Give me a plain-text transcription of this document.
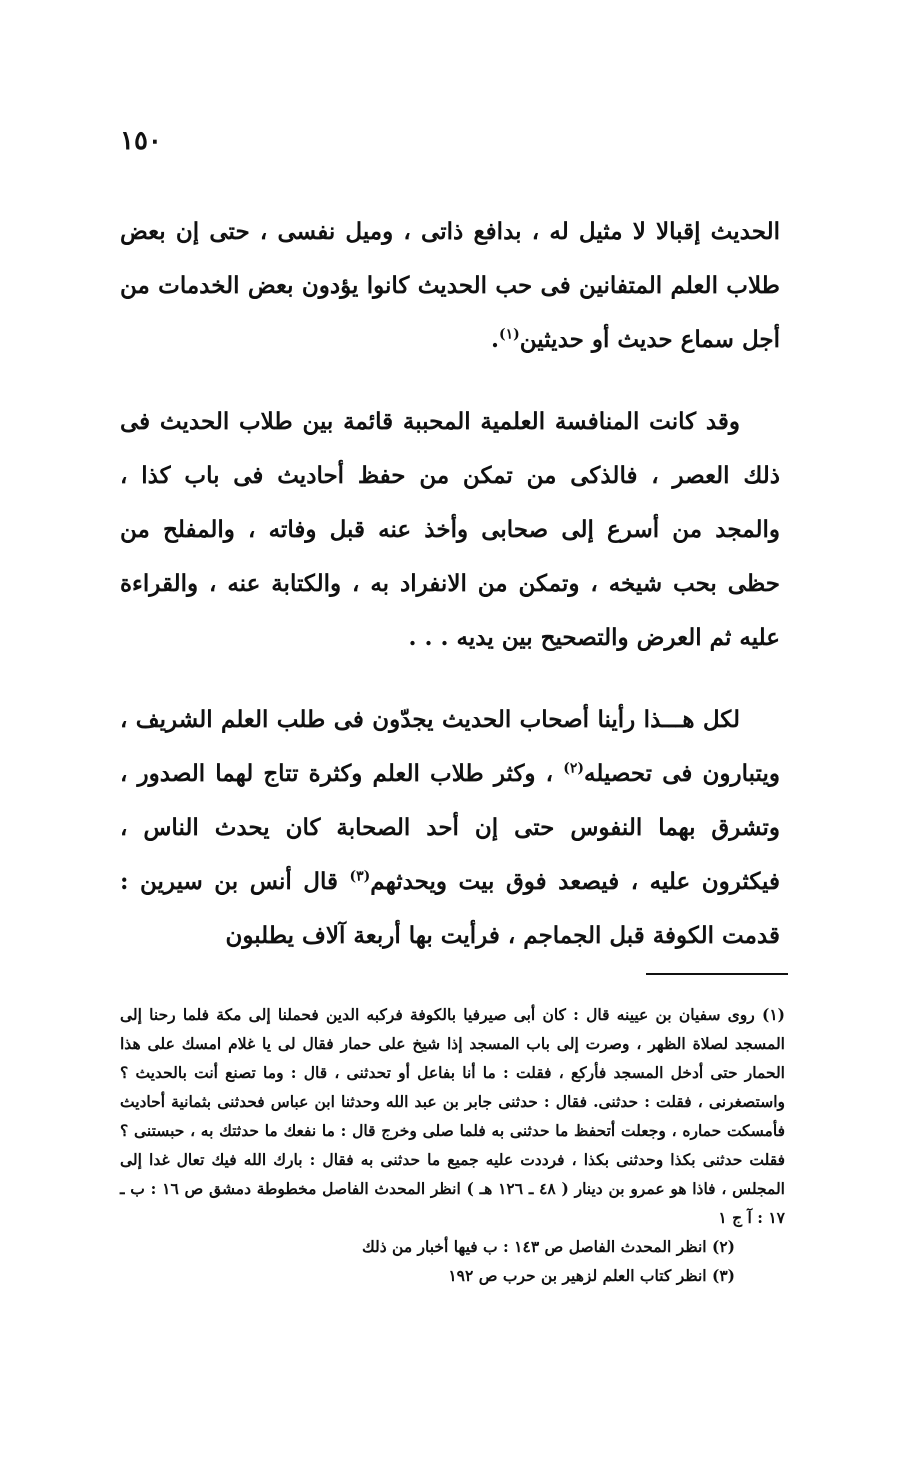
١٥٠

الحديث إقبالا لا مثيل له ، بدافع ذاتى ، وميل نفسى ، حتى إن بعض طلاب العلم المتفانين فى حب الحديث كانوا يؤدون بعض الخدمات من أجل سماع حديث أو حديثين$^{(١)}$.

وقد كانت المنافسة العلمية المحببة قائمة بين طلاب الحديث فى ذلك العصر ، فالذكى من تمكن من حفظ أحاديث فى باب كذا ، والمجد من أسرع إلى صحابى وأخذ عنه قبل وفاته ، والمفلح من حظى بحب شيخه ، وتمكن من الانفراد به ، والكتابة عنه ، والقراءة عليه ثم العرض والتصحيح بين يديه . . .

لكل هـــذا رأينا أصحاب الحديث يجدّون فى طلب العلم الشريف ، ويتبارون فى تحصيله$^{(٢)}$ ، وكثر طلاب العلم وكثرة تتاج لهما الصدور ، وتشرق بهما النفوس حتى إن أحد الصحابة كان يحدث الناس ، فيكثرون عليه ، فيصعد فوق بيت ويحدثهم$^{(٣)}$ قال أنس بن سيرين : قدمت الكوفة قبل الجماجم ، فرأيت بها أربعة آلاف يطلبون

(١) روى سفيان بن عيينه قال : كان أبى صيرفيا بالكوفة فركبه الدين فحملنا إلى مكة فلما رحنا إلى المسجد لصلاة الظهر ، وصرت إلى باب المسجد إذا شيخ على حمار فقال لى يا غلام امسك على هذا الحمار حتى أدخل المسجد فأركع ، فقلت : ما أنا بفاعل أو تحدثنى ، قال : وما تصنع أنت بالحديث ؟ واستصغرنى ، فقلت : حدثنى. فقال : حدثنى جابر بن عبد الله وحدثنا ابن عباس فحدثنى بثمانية أحاديث فأمسكت حماره ، وجعلت أتحفظ ما حدثنى به فلما صلى وخرج قال : ما نفعك ما حدثتك به ، حبستنى ؟ فقلت حدثنى بكذا وحدثنى بكذا ، فرددت عليه جميع ما حدثنى به فقال : بارك الله فيك تعال غدا إلى المجلس ، فاذا هو عمرو بن دينار ( ٤٨ ـ ١٢٦ هـ ) انظر المحدث الفاصل مخطوطة دمشق ص ١٦ : ب ـ ١٧ : آ ج ١

(٢) انظر المحدث الفاصل ص ١٤٣ : ب فيها أخبار من ذلك

(٣) انظر كتاب العلم لزهير بن حرب ص ١٩٢
